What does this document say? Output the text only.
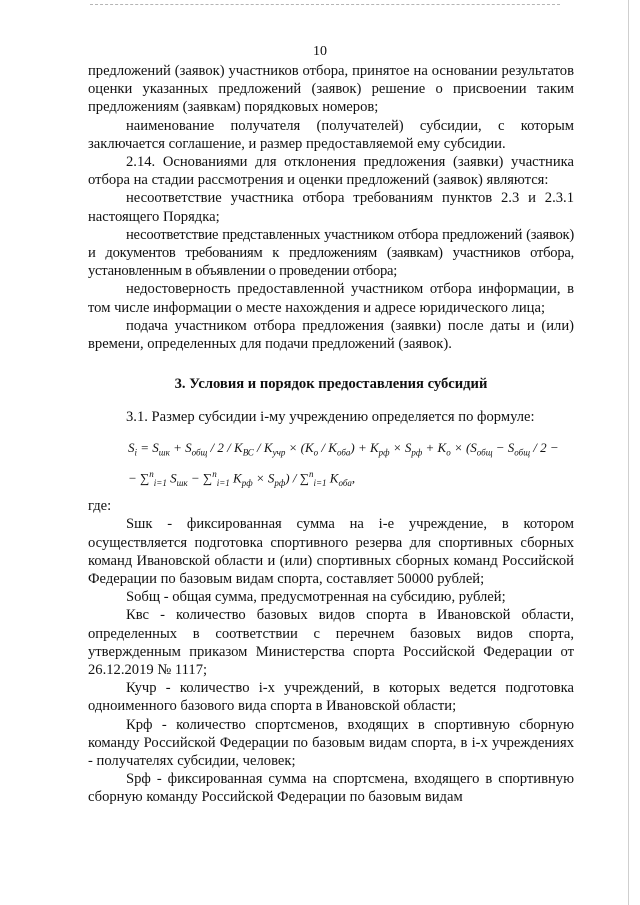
10

предложений (заявок) участников отбора, принятое на основании результатов оценки указанных предложений (заявок) решение о присвоении таким предложениям (заявкам) порядковых номеров;

наименование получателя (получателей) субсидии, с которым заключается соглашение, и размер предоставляемой ему субсидии.

2.14. Основаниями для отклонения предложения (заявки) участника отбора на стадии рассмотрения и оценки предложений (заявок) являются:

несоответствие участника отбора требованиям пунктов 2.3 и 2.3.1 настоящего Порядка;

несоответствие представленных участником отбора предложений (заявок) и документов требованиям к предложениям (заявкам) участников отбора, установленным в объявлении о проведении отбора;

недостоверность предоставленной участником отбора информации, в том числе информации о месте нахождения и адресе юридического лица;

подача участником отбора предложения (заявки) после даты и (или) времени, определенных для подачи предложений (заявок).

3. Условия и порядок предоставления субсидий

3.1. Размер субсидии i-му учреждению определяется по формуле:

$S_i = S_{шк} + S_{общ} / 2 / K_{ВС} / K_{учр} \times (K_о / K_{оба}) + K_{рф} \times S_{рф} + K_о \times (S_{общ} - S_{общ} / 2$ −
− ∑$^n_{i=1}$ $S_{шк} - \sum^n_{i=1}$ $K_{рф} \times S_{рф}) / \sum^n_{i=1}$ $K_{оба}$,

где:

Sшк - фиксированная сумма на i-е учреждение, в котором осуществляется подготовка спортивного резерва для спортивных сборных команд Ивановской области и (или) спортивных сборных команд Российской Федерации по базовым видам спорта, составляет 50000 рублей;

Sобщ - общая сумма, предусмотренная на субсидию, рублей;

Квс - количество базовых видов спорта в Ивановской области, определенных в соответствии с перечнем базовых видов спорта, утвержденным приказом Министерства спорта Российской Федерации от 26.12.2019 № 1117;

Кучр - количество i-х учреждений, в которых ведется подготовка одноименного базового вида спорта в Ивановской области;

Крф - количество спортсменов, входящих в спортивную сборную команду Российской Федерации по базовым видам спорта, в i-х учреждениях - получателях субсидии, человек;

Sрф - фиксированная сумма на спортсмена, входящего в спортивную сборную команду Российской Федерации по базовым видам
